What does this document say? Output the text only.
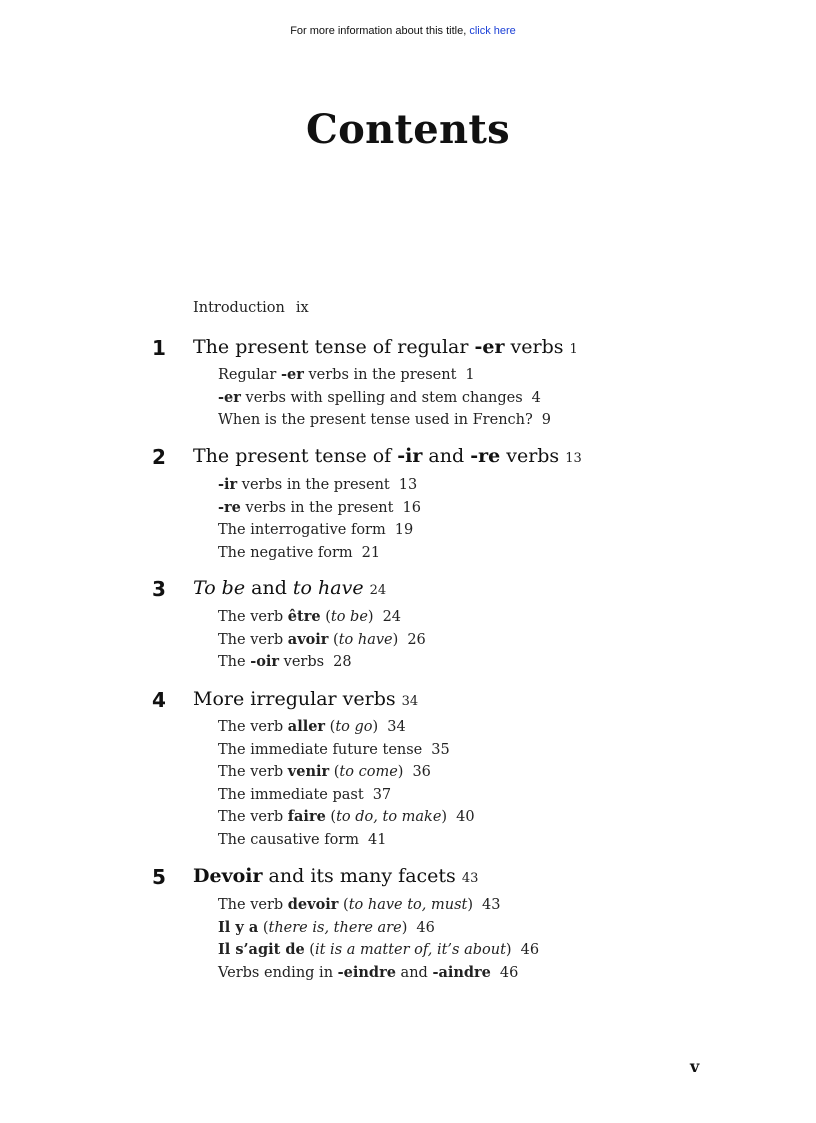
For more information about this title, click here
Contents
Introduction ix
1 The present tense of regular -er verbs 1
Regular -er verbs in the present 1
-er verbs with spelling and stem changes 4
When is the present tense used in French? 9
2 The present tense of -ir and -re verbs 13
-ir verbs in the present 13
-re verbs in the present 16
The interrogative form 19
The negative form 21
3 To be and to have 24
The verb être (to be) 24
The verb avoir (to have) 26
The -oir verbs 28
4 More irregular verbs 34
The verb aller (to go) 34
The immediate future tense 35
The verb venir (to come) 36
The immediate past 37
The verb faire (to do, to make) 40
The causative form 41
5 Devoir and its many facets 43
The verb devoir (to have to, must) 43
Il y a (there is, there are) 46
Il s’agit de (it is a matter of, it’s about) 46
Verbs ending in -eindre and -aindre 46
v
